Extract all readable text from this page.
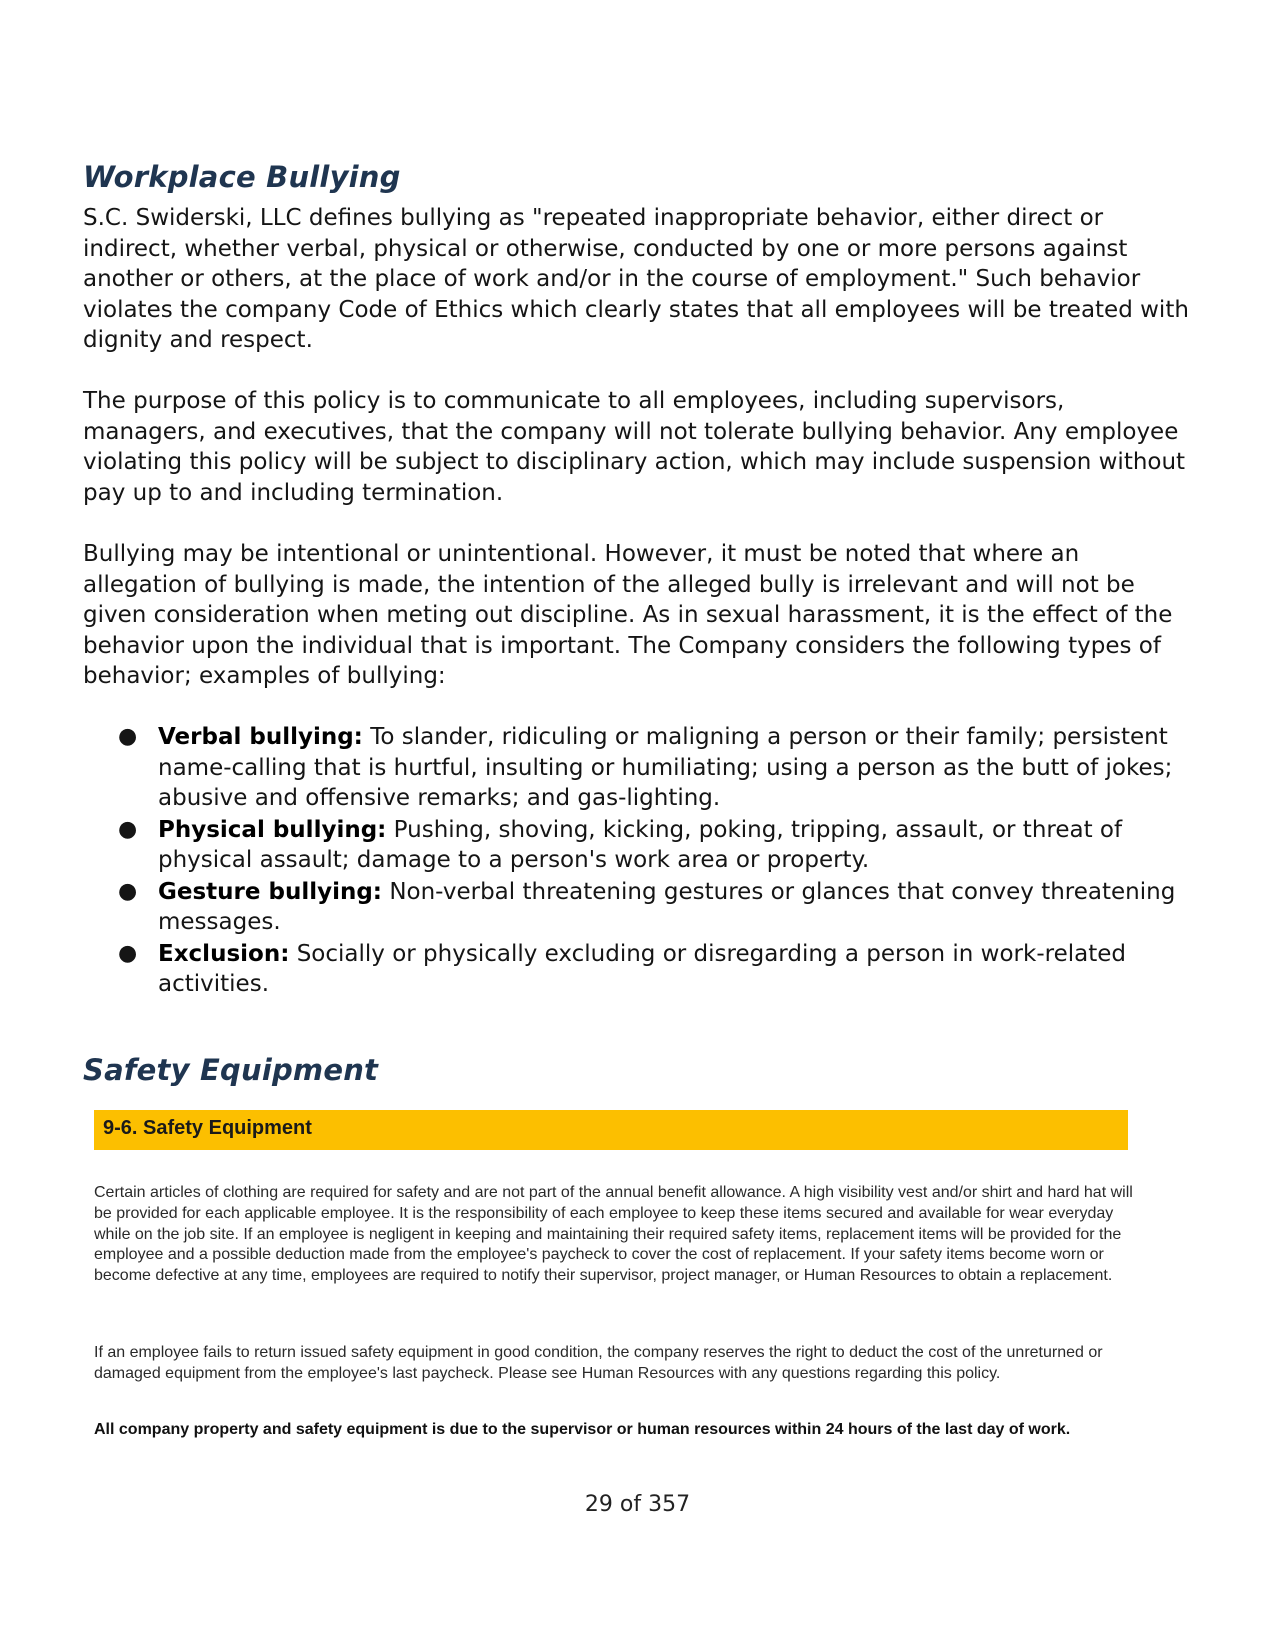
Workplace Bullying

S.C. Swiderski, LLC defines bullying as "repeated inappropriate behavior, either direct or indirect, whether verbal, physical or otherwise, conducted by one or more persons against another or others, at the place of work and/or in the course of employment." Such behavior violates the company Code of Ethics which clearly states that all employees will be treated with dignity and respect.

The purpose of this policy is to communicate to all employees, including supervisors, managers, and executives, that the company will not tolerate bullying behavior. Any employee violating this policy will be subject to disciplinary action, which may include suspension without pay up to and including termination.

Bullying may be intentional or unintentional. However, it must be noted that where an allegation of bullying is made, the intention of the alleged bully is irrelevant and will not be given consideration when meting out discipline. As in sexual harassment, it is the effect of the behavior upon the individual that is important. The Company considers the following types of behavior; examples of bullying:

● Verbal bullying: To slander, ridiculing or maligning a person or their family; persistent name-calling that is hurtful, insulting or humiliating; using a person as the butt of jokes; abusive and offensive remarks; and gas-lighting.
● Physical bullying: Pushing, shoving, kicking, poking, tripping, assault, or threat of physical assault; damage to a person's work area or property.
● Gesture bullying: Non-verbal threatening gestures or glances that convey threatening messages.
● Exclusion: Socially or physically excluding or disregarding a person in work-related activities.
Safety Equipment

9-6. Safety Equipment

Certain articles of clothing are required for safety and are not part of the annual benefit allowance. A high visibility vest and/or shirt and hard hat will be provided for each applicable employee. It is the responsibility of each employee to keep these items secured and available for wear everyday while on the job site. If an employee is negligent in keeping and maintaining their required safety items, replacement items will be provided for the employee and a possible deduction made from the employee's paycheck to cover the cost of replacement. If your safety items become worn or become defective at any time, employees are required to notify their supervisor, project manager, or Human Resources to obtain a replacement.

If an employee fails to return issued safety equipment in good condition, the company reserves the right to deduct the cost of the unreturned or damaged equipment from the employee's last paycheck. Please see Human Resources with any questions regarding this policy.

All company property and safety equipment is due to the supervisor or human resources within 24 hours of the last day of work.

29 of 357
